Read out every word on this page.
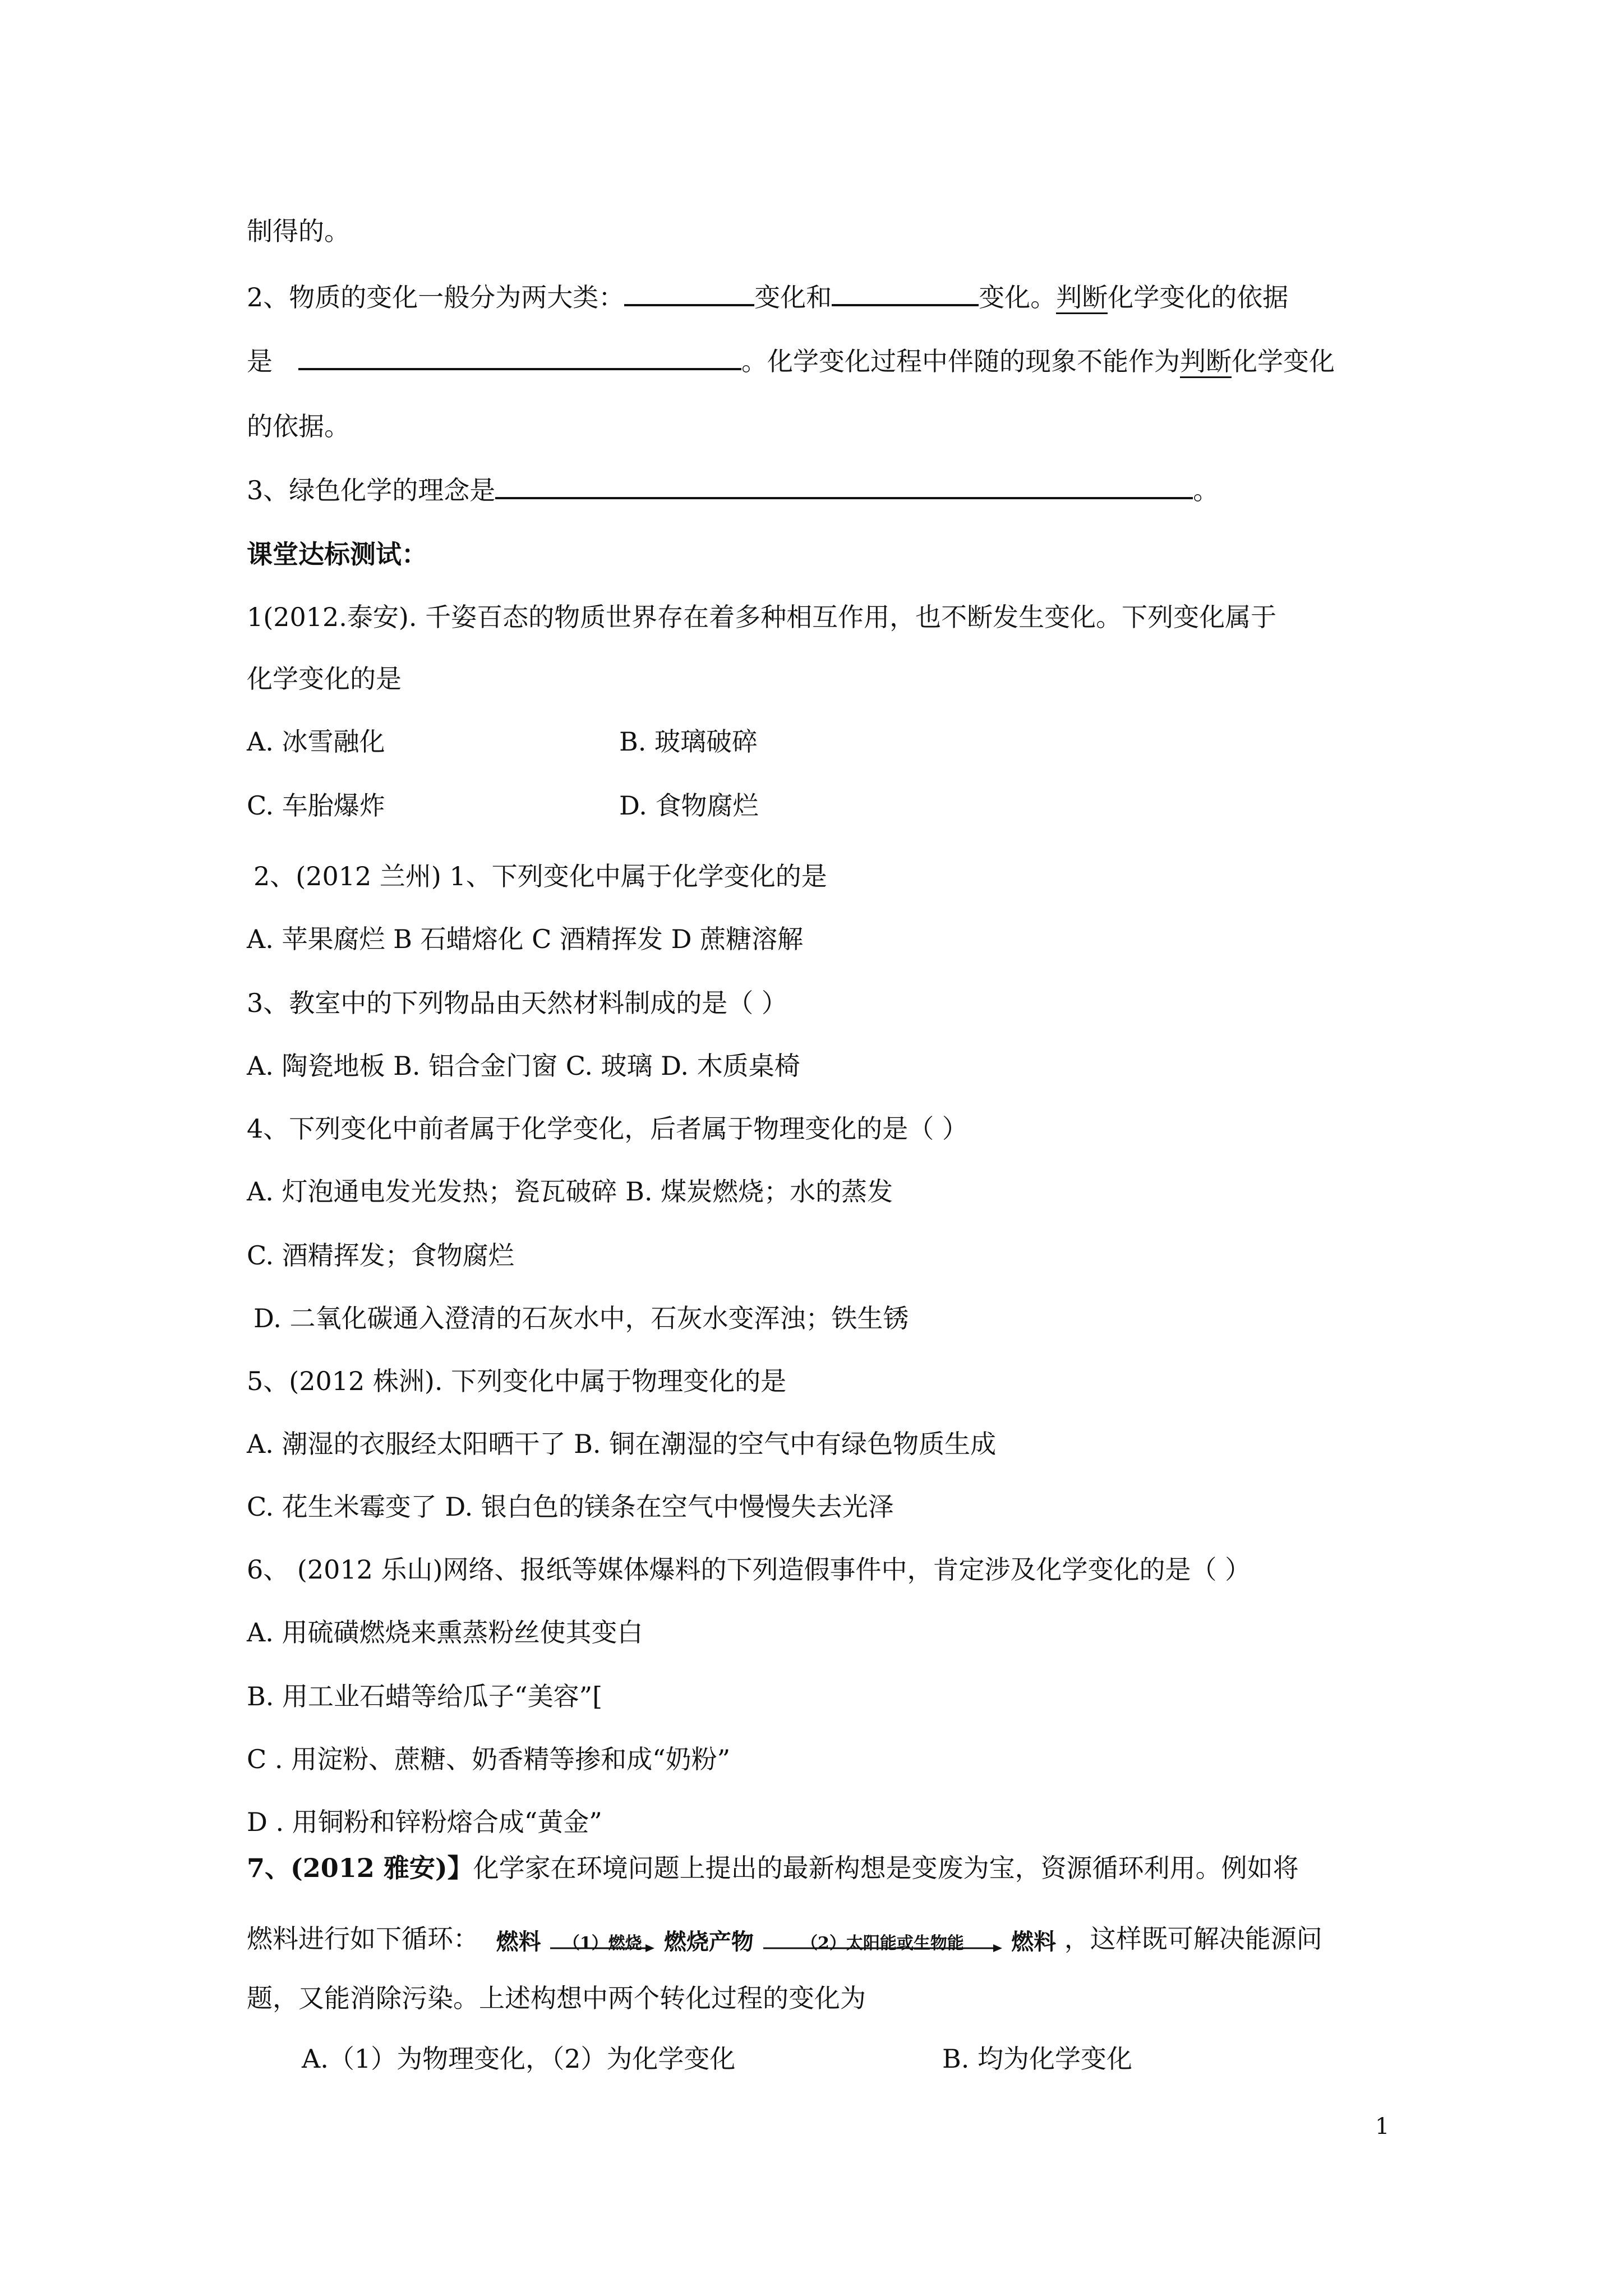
制得的。
2、物质的变化一般分为两大类：	变化和	变化。判断化学变化的依据
是	。化学变化过程中伴随的现象不能作为判断化学变化
的依据。
3、绿色化学的理念是	。
课堂达标测试：
1(2012.泰安). 千姿百态的物质世界存在着多种相互作用，也不断发生变化。下列变化属于
化学变化的是
A. 冰雪融化	B. 玻璃破碎
C. 车胎爆炸	D. 食物腐烂
2、(2012 兰州) 1、下列变化中属于化学变化的是
A. 苹果腐烂 B 石蜡熔化 C 酒精挥发 D 蔗糖溶解
3、教室中的下列物品由天然材料制成的是（ ）
A. 陶瓷地板 B. 铝合金门窗 C. 玻璃 D. 木质桌椅
4、下列变化中前者属于化学变化，后者属于物理变化的是（ ）
A. 灯泡通电发光发热；瓷瓦破碎 B. 煤炭燃烧；水的蒸发
C. 酒精挥发；食物腐烂
D. 二氧化碳通入澄清的石灰水中，石灰水变浑浊；铁生锈
5、(2012 株洲). 下列变化中属于物理变化的是
A. 潮湿的衣服经太阳晒干了 B. 铜在潮湿的空气中有绿色物质生成
C. 花生米霉变了 D. 银白色的镁条在空气中慢慢失去光泽
6、 (2012 乐山)网络、报纸等媒体爆料的下列造假事件中，肯定涉及化学变化的是（ ）
A. 用硫磺燃烧来熏蒸粉丝使其变白
B. 用工业石蜡等给瓜子“美容”[
C . 用淀粉、蔗糖、奶香精等掺和成“奶粉”
D . 用铜粉和锌粉熔合成“黄金”
7、(2012 雅安)】化学家在环境问题上提出的最新构想是变废为宝，资源循环利用。例如将
燃料进行如下循环： 燃料	（1）燃烧 燃烧产物	（2）太阳能或生物能	燃料 ，这样既可解决能源问
题，又能消除污染。上述构想中两个转化过程的变化为
A.（1）为物理变化，（2）为化学变化	B. 均为化学变化
1
